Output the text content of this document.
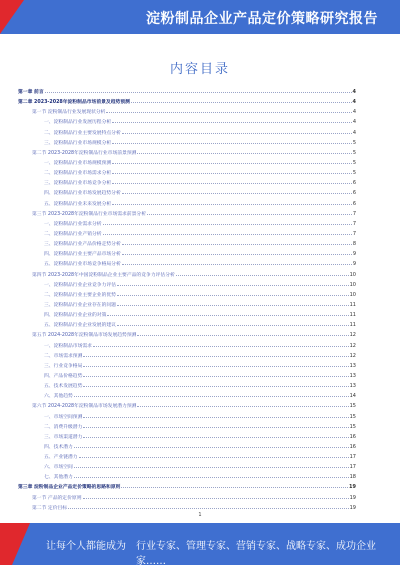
淀粉制品企业产品定价策略研究报告
内容目录
第一章 前言	4
第二章 2023-2028年淀粉制品市场前景及趋势预测	4
第一节 淀粉制品行业发展现状分析	4
一、淀粉制品行业发展历程分析	4
二、淀粉制品行业主要发展特点分析	4
三、淀粉制品行业市场规模分析	5
第二节 2023-2028年淀粉制品行业市场前景预测	5
一、淀粉制品行业市场规模预测	5
二、淀粉制品行业市场需求分析	5
三、淀粉制品行业市场竞争分析	6
四、淀粉制品行业市场发展趋势分析	6
五、淀粉制品行业未来发展分析	6
第三节 2023-2028年淀粉制品行业市场需求前景分析	7
一、淀粉制品行业需求分析	7
二、淀粉制品行业产销分析	7
三、淀粉制品行业产品价格走势分析	8
四、淀粉制品行业主要产品市场分析	9
五、淀粉制品行业市场竞争格局分析	9
第四节 2023-2028年中国淀粉制品企业主要产品的竞争力评估分析	10
一、淀粉制品行业企业竞争力评估	10
二、淀粉制品行业主要企业的优势	10
三、淀粉制品行业企业存在的问题	11
四、淀粉制品行业企业的对策	11
五、淀粉制品行业企业发展的建议	11
第五节 2024-2028年淀粉制品市场发展趋势预测	12
一、淀粉制品市场需求	12
二、市场需求预测	12
三、行业竞争格局	13
四、产品价格趋势	13
五、技术发展趋势	13
六、其他趋势	14
第六节 2024-2028年淀粉制品市场发展潜力预测	15
一、市场空间预测	15
二、消费升级潜力	15
三、市场渠道潜力	16
四、技术潜力	16
五、产业链潜力	17
六、市场空间	17
七、其他潜力	18
第三章 淀粉制品企业产品定价策略的思路和原则	19
第一节 产品的定价原则	19
第二节 定价目标	19
1
让每个人都能成为 行业专家、管理专家、营销专家、战略专家、成功企业家……
